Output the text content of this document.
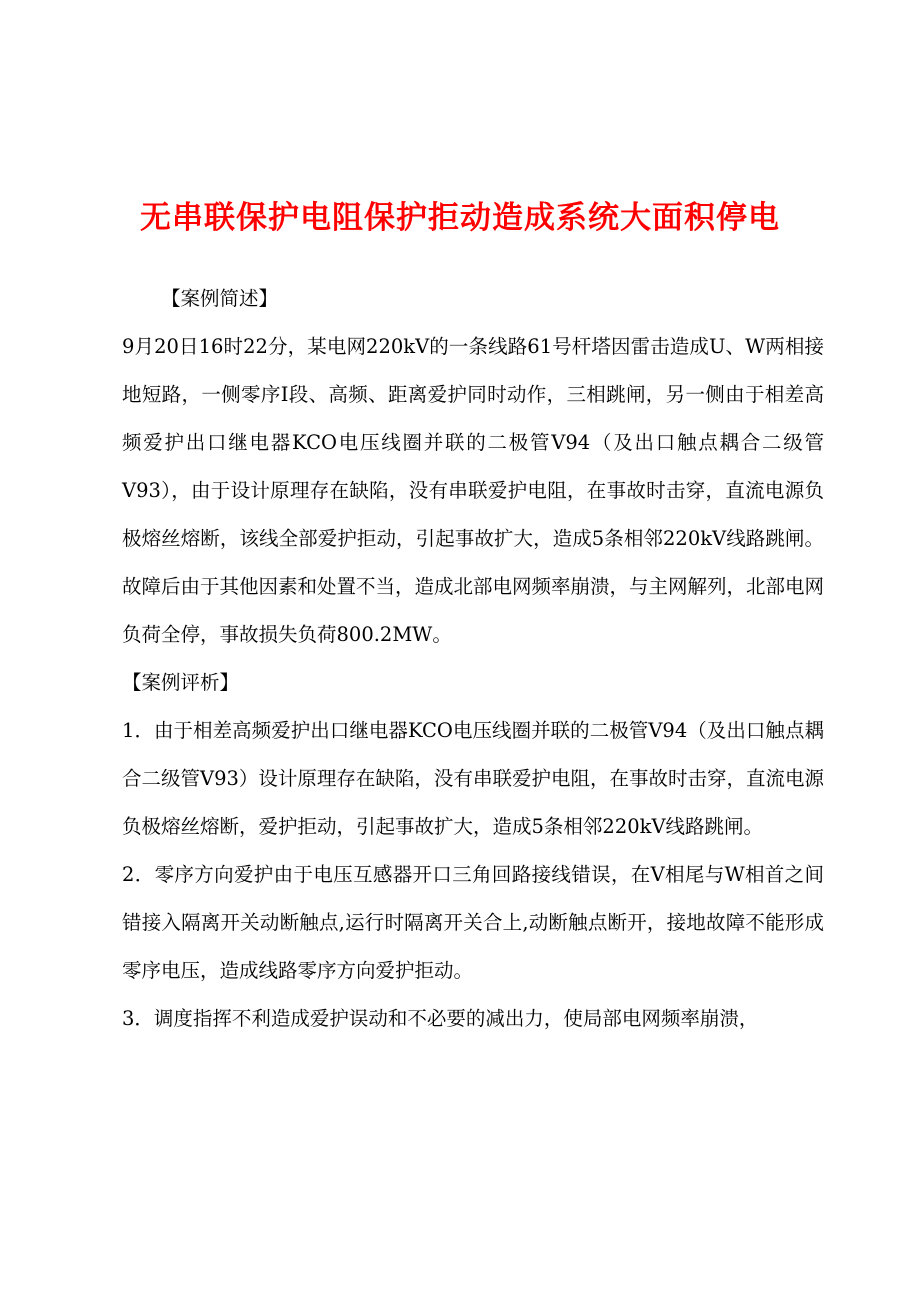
无串联保护电阻保护拒动造成系统大面积停电

【案例简述】

9月20日16时22分，某电网220kV的一条线路61号杆塔因雷击造成U、W两相接地短路，一侧零序Ⅰ段、高频、距离爱护同时动作，三相跳闸，另一侧由于相差高频爱护出口继电器KCO电压线圈并联的二极管V94（及出口触点耦合二级管V93），由于设计原理存在缺陷，没有串联爱护电阻，在事故时击穿，直流电源负极熔丝熔断，该线全部爱护拒动，引起事故扩大，造成5条相邻220kV线路跳闸。故障后由于其他因素和处置不当，造成北部电网频率崩溃，与主网解列，北部电网负荷全停，事故损失负荷800.2MW。

【案例评析】

1．由于相差高频爱护出口继电器KCO电压线圈并联的二极管V94（及出口触点耦合二级管V93）设计原理存在缺陷，没有串联爱护电阻，在事故时击穿，直流电源负极熔丝熔断，爱护拒动，引起事故扩大，造成5条相邻220kV线路跳闸。

2．零序方向爱护由于电压互感器开口三角回路接线错误，在V相尾与W相首之间错接入隔离开关动断触点,运行时隔离开关合上,动断触点断开，接地故障不能形成零序电压，造成线路零序方向爱护拒动。

3．调度指挥不利造成爱护误动和不必要的减出力，使局部电网频率崩溃，
